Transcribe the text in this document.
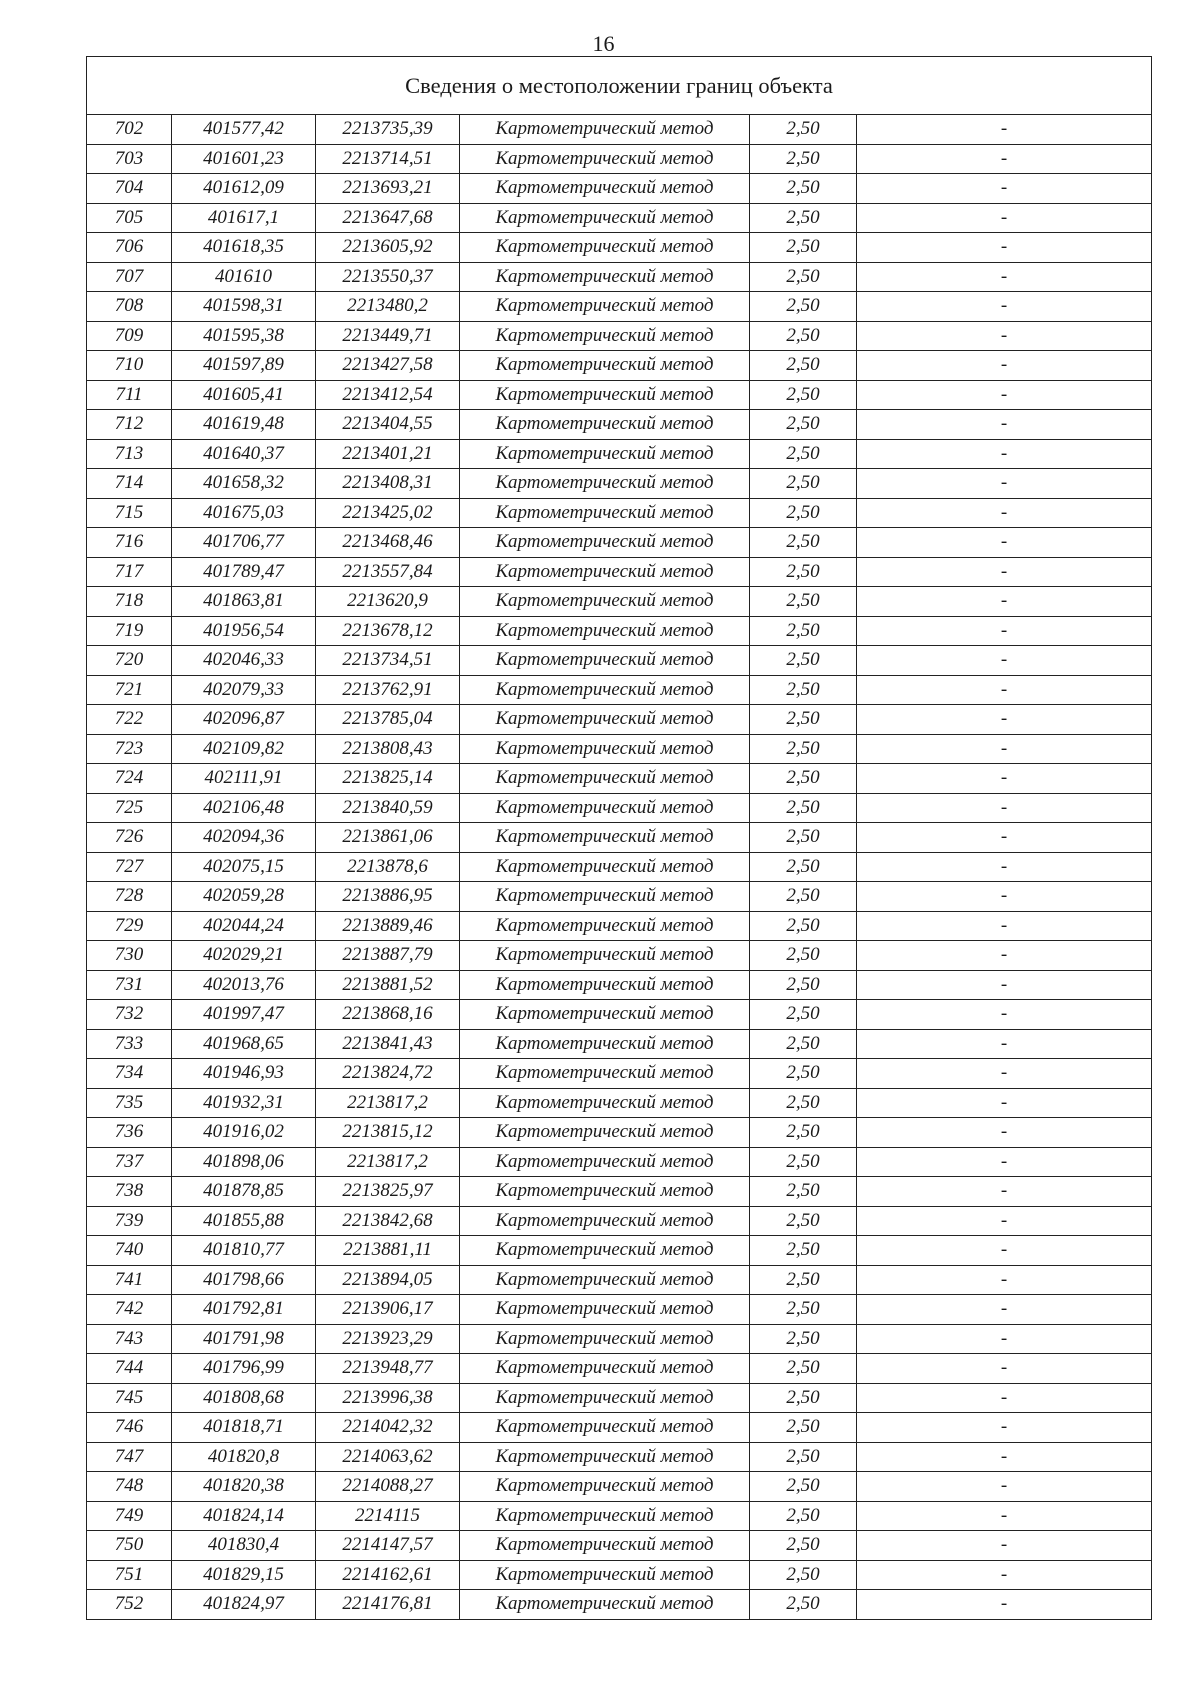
16
Сведения о местоположении границ объекта					
702	401577,42	2213735,39	Картометрический метод	2,50	-
703	401601,23	2213714,51	Картометрический метод	2,50	-
704	401612,09	2213693,21	Картометрический метод	2,50	-
705	401617,1	2213647,68	Картометрический метод	2,50	-
706	401618,35	2213605,92	Картометрический метод	2,50	-
707	401610	2213550,37	Картометрический метод	2,50	-
708	401598,31	2213480,2	Картометрический метод	2,50	-
709	401595,38	2213449,71	Картометрический метод	2,50	-
710	401597,89	2213427,58	Картометрический метод	2,50	-
711	401605,41	2213412,54	Картометрический метод	2,50	-
712	401619,48	2213404,55	Картометрический метод	2,50	-
713	401640,37	2213401,21	Картометрический метод	2,50	-
714	401658,32	2213408,31	Картометрический метод	2,50	-
715	401675,03	2213425,02	Картометрический метод	2,50	-
716	401706,77	2213468,46	Картометрический метод	2,50	-
717	401789,47	2213557,84	Картометрический метод	2,50	-
718	401863,81	2213620,9	Картометрический метод	2,50	-
719	401956,54	2213678,12	Картометрический метод	2,50	-
720	402046,33	2213734,51	Картометрический метод	2,50	-
721	402079,33	2213762,91	Картометрический метод	2,50	-
722	402096,87	2213785,04	Картометрический метод	2,50	-
723	402109,82	2213808,43	Картометрический метод	2,50	-
724	402111,91	2213825,14	Картометрический метод	2,50	-
725	402106,48	2213840,59	Картометрический метод	2,50	-
726	402094,36	2213861,06	Картометрический метод	2,50	-
727	402075,15	2213878,6	Картометрический метод	2,50	-
728	402059,28	2213886,95	Картометрический метод	2,50	-
729	402044,24	2213889,46	Картометрический метод	2,50	-
730	402029,21	2213887,79	Картометрический метод	2,50	-
731	402013,76	2213881,52	Картометрический метод	2,50	-
732	401997,47	2213868,16	Картометрический метод	2,50	-
733	401968,65	2213841,43	Картометрический метод	2,50	-
734	401946,93	2213824,72	Картометрический метод	2,50	-
735	401932,31	2213817,2	Картометрический метод	2,50	-
736	401916,02	2213815,12	Картометрический метод	2,50	-
737	401898,06	2213817,2	Картометрический метод	2,50	-
738	401878,85	2213825,97	Картометрический метод	2,50	-
739	401855,88	2213842,68	Картометрический метод	2,50	-
740	401810,77	2213881,11	Картометрический метод	2,50	-
741	401798,66	2213894,05	Картометрический метод	2,50	-
742	401792,81	2213906,17	Картометрический метод	2,50	-
743	401791,98	2213923,29	Картометрический метод	2,50	-
744	401796,99	2213948,77	Картометрический метод	2,50	-
745	401808,68	2213996,38	Картометрический метод	2,50	-
746	401818,71	2214042,32	Картометрический метод	2,50	-
747	401820,8	2214063,62	Картометрический метод	2,50	-
748	401820,38	2214088,27	Картометрический метод	2,50	-
749	401824,14	2214115	Картометрический метод	2,50	-
750	401830,4	2214147,57	Картометрический метод	2,50	-
751	401829,15	2214162,61	Картометрический метод	2,50	-
752	401824,97	2214176,81	Картометрический метод	2,50	-
